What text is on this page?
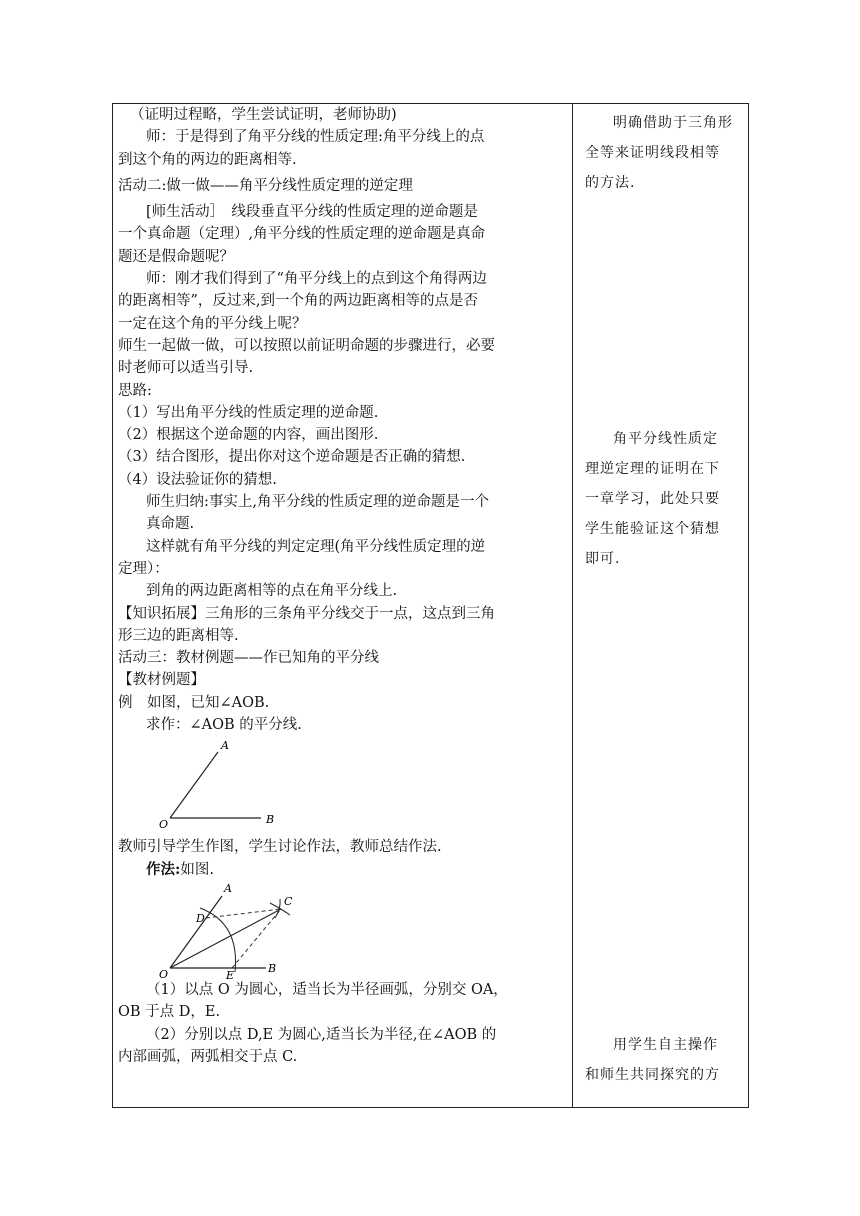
（证明过程略，学生尝试证明，老师协助)
师：于是得到了角平分线的性质定理:角平分线上的点
到这个角的两边的距离相等.
活动二:做一做——角平分线性质定理的逆定理
[师生活动］　线段垂直平分线的性质定理的逆命题是
一个真命题（定理）,角平分线的性质定理的逆命题是真命
题还是假命题呢？
师：刚才我们得到了“角平分线上的点到这个角得两边
的距离相等”，反过来,到一个角的两边距离相等的点是否
一定在这个角的平分线上呢？
师生一起做一做，可以按照以前证明命题的步骤进行，必要
时老师可以适当引导.
思路:
（1）写出角平分线的性质定理的逆命题.
（2）根据这个逆命题的内容，画出图形.
（3）结合图形，提出你对这个逆命题是否正确的猜想.
（4）设法验证你的猜想.
师生归纳:事实上,角平分线的性质定理的逆命题是一个
真命题.
这样就有角平分线的判定定理(角平分线性质定理的逆
定理）：
到角的两边距离相等的点在角平分线上.
【知识拓展】三角形的三条角平分线交于一点，这点到三角
形三边的距离相等.
活动三：教材例题——作已知角的平分线
【教材例题】
例　如图，已知∠AOB.
求作：∠AOB 的平分线.
A
O	B
教师引导学生作图，学生讨论作法，教师总结作法.
作法:如图.
A
C
D
O	E
B
（1）以点 O 为圆心，适当长为半径画弧，分别交 OA，
OB 于点 D，E.
（2）分别以点 D,E 为圆心,适当长为半径,在∠AOB 的
内部画弧，两弧相交于点 C.
明确借助于三角形
全等来证明线段相等
的方法.
角平分线性质定
理逆定理的证明在下
一章学习，此处只要
学生能验证这个猜想
即可.
用学生自主操作
和师生共同探究的方
